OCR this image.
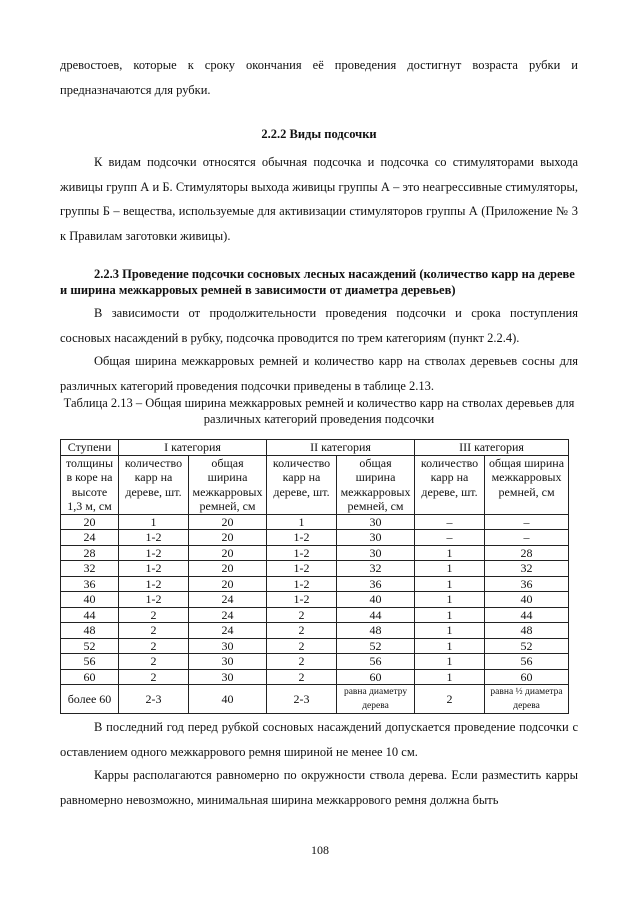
древостоев, которые к сроку окончания её проведения достигнут возраста рубки и предназначаются для рубки.

2.2.2 Виды подсочки

К видам подсочки относятся обычная подсочка и подсочка со стимуляторами выхода живицы групп А и Б. Стимуляторы выхода живицы группы А – это неагрессивные стимуляторы, группы Б – вещества, используемые для активизации стимуляторов группы А (Приложение № 3 к Правилам заготовки живицы).

2.2.3 Проведение подсочки сосновых лесных насаждений (количество карр на дереве и ширина межкарровых ремней в зависимости от диаметра деревьев)

В зависимости от продолжительности проведения подсочки и срока поступления сосновых насаждений в рубку, подсочка проводится по трем категориям (пункт 2.2.4).

Общая ширина межкарровых ремней и количество карр на стволах деревьев сосны для различных категорий проведения подсочки приведены в таблице 2.13.

Таблица 2.13 – Общая ширина межкарровых ремней и количество карр на стволах деревьев для различных категорий проведения подсочки

Ступени	I категория		II категория		III категория	
толщины в коре на высоте 1,3 м, см	количество карр на дереве, шт.	общая ширина межкарровых ремней, см	количество карр на дереве, шт.	общая ширина межкарровых ремней, см	количество карр на дереве, шт.	общая ширина межкарровых ремней, см
20	1	20	1	30	–	–
24	1-2	20	1-2	30	–	–
28	1-2	20	1-2	30	1	28
32	1-2	20	1-2	32	1	32
36	1-2	20	1-2	36	1	36
40	1-2	24	1-2	40	1	40
44	2	24	2	44	1	44
48	2	24	2	48	1	48
52	2	30	2	52	1	52
56	2	30	2	56	1	56
60	2	30	2	60	1	60
более 60	2-3	40	2-3	равна диаметру дерева	2	равна ½ диаметра дерева

В последний год перед рубкой сосновых насаждений допускается проведение подсочки с оставлением одного межкаррового ремня шириной не менее 10 см.

Карры располагаются равномерно по окружности ствола дерева. Если разместить карры равномерно невозможно, минимальная ширина межкаррового ремня должна быть

108
